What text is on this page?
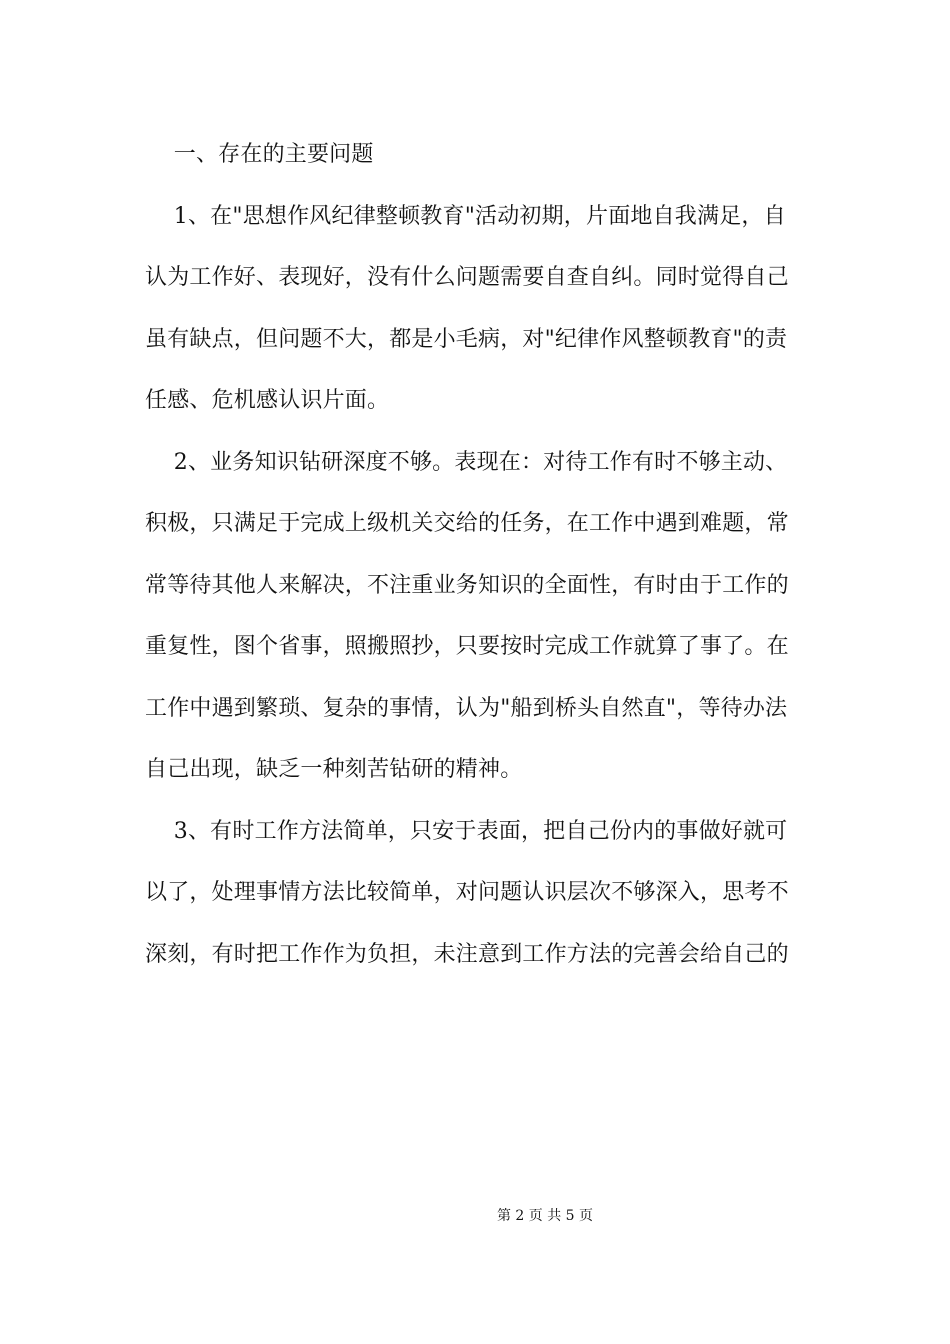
一、存在的主要问题
1、在"思想作风纪律整顿教育"活动初期，片面地自我满足，自
认为工作好、表现好，没有什么问题需要自查自纠。同时觉得自己
虽有缺点，但问题不大，都是小毛病，对"纪律作风整顿教育"的责
任感、危机感认识片面。
2、业务知识钻研深度不够。表现在：对待工作有时不够主动、
积极，只满足于完成上级机关交给的任务，在工作中遇到难题，常
常等待其他人来解决，不注重业务知识的全面性，有时由于工作的
重复性，图个省事，照搬照抄，只要按时完成工作就算了事了。在
工作中遇到繁琐、复杂的事情，认为"船到桥头自然直"，等待办法
自己出现，缺乏一种刻苦钻研的精神。
3、有时工作方法简单，只安于表面，把自己份内的事做好就可
以了，处理事情方法比较简单，对问题认识层次不够深入，思考不
深刻，有时把工作作为负担，未注意到工作方法的完善会给自己的
第 2 页 共 5 页
